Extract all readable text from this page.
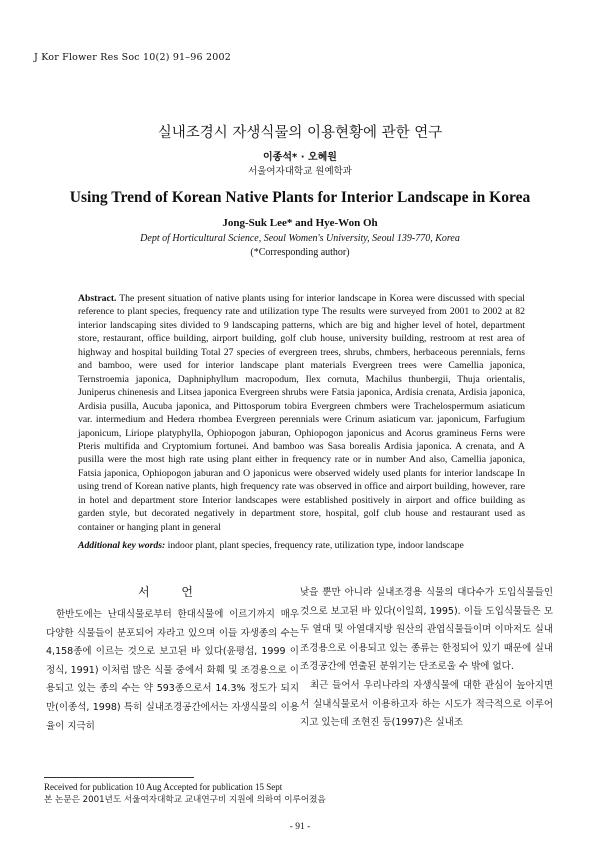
J Kor Flower Res Soc 10(2) 91–96 2002
실내조경시 자생식물의 이용현황에 관한 연구
이종석* · 오혜원
서울여자대학교 원예학과
Using Trend of Korean Native Plants for Interior Landscape in Korea
Jong-Suk Lee* and Hye-Won Oh
Dept of Horticultural Science, Seoul Women's University, Seoul 139-770, Korea
(*Corresponding author)
Abstract. The present situation of native plants using for interior landscape in Korea were discussed with special reference to plant species, frequency rate and utilization type The results were surveyed from 2001 to 2002 at 82 interior landscaping sites divided to 9 landscaping patterns, which are big and higher level of hotel, department store, restaurant, office building, airport building, golf club house, university building, restroom at rest area of highway and hospital building Total 27 species of evergreen trees, shrubs, chmbers, herbaceous perennials, ferns and bamboo, were used for interior landscape plant materials Evergreen trees were Camellia japonica, Ternstroemia japonica, Daphniphyllum macropodum, Ilex cornuta, Machilus thunbergii, Thuja orientalis, Juniperus chinenesis and Litsea japonica Evergreen shrubs were Fatsia japonica, Ardisia crenata, Ardisia japonica, Ardisia pusilla, Aucuba japonica, and Pittosporum tobira Evergreen chmbers were Trachelospermum asiaticum var. intermedium and Hedera rhombea Evergreen perennials were Crinum asiaticum var. japonicum, Farfugium japonicum, Liriope platyphylla, Ophiopogon jaburan, Ophiopogon japonicus and Acorus gramineus Ferns were Pteris multifida and Cryptomium fortunei. And bamboo was Sasa borealis Ardisia japonica. A crenata, and A pusilla were the most high rate using plant either in frequency rate or in number And also, Camellia japonica, Fatsia japonica, Ophiopogon jaburan and O japonicus were observed widely used plants for interior landscape In using trend of Korean native plants, high frequency rate was observed in office and airport building, however, rare in hotel and department store Interior landscapes were established positively in airport and office building as garden style, but decorated negatively in department store, hospital, golf club house and restaurant used as container or hanging plant in general
Additional key words: indoor plant, plant species, frequency rate, utilization type, indoor landscape
서 언

한반도에는 난대식물로부터 한대식물에 이르기까지 매우 다양한 식물들이 분포되어 자라고 있으며 이들 자생종의 수는 4,158종에 이르는 것으로 보고된 바 있다(윤평섭, 1999 이정식, 1991) 이처럼 많은 식물 중에서 화훼 및 조경용으로 이용되고 있는 종의 수는 약 593종으로서 14.3% 정도가 되지만(이종석, 1998) 특히 실내조경공간에서는 자생식물의 이용율이 지극히

낮을 뿐만 아니라 실내조경용 식물의 대다수가 도입식물들인 것으로 보고된 바 있다(이일희, 1995). 이들 도입식물들은 모두 열대 및 아열대지방 원산의 관엽식물들이며 이마저도 실내조경용으로 이용되고 있는 종류는 한정되어 있기 때문에 실내조경공간에 연출된 분위기는 단조로울 수 밖에 없다.

최근 들어서 우리나라의 자생식물에 대한 관심이 높아지면서 실내식물로서 이용하고자 하는 시도가 적극적으로 이루어지고 있는데 조현진 등(1997)은 실내조

Received for publication 10 Aug Accepted for publication 15 Sept
본 논문은 2001년도 서울여자대학교 교내연구비 지원에 의하여 이루어졌음
- 91 -
